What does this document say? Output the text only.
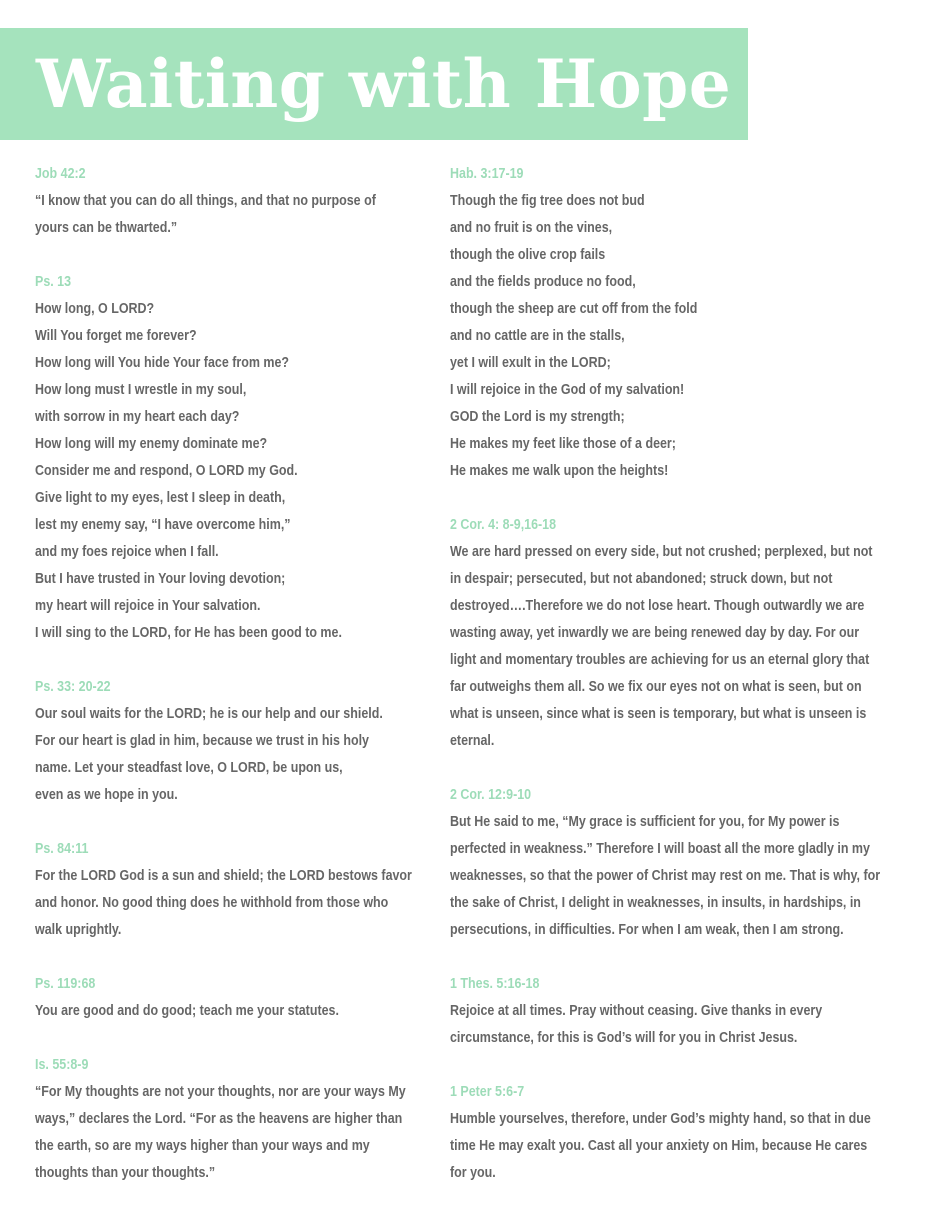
Waiting with Hope
Job 42:2
“I know that you can do all things, and that no purpose of
yours can be thwarted.”
Ps. 13
How long, O LORD?
Will You forget me forever?
How long will You hide Your face from me?
How long must I wrestle in my soul,
with sorrow in my heart each day?
How long will my enemy dominate me?
Consider me and respond, O LORD my God.
Give light to my eyes, lest I sleep in death,
lest my enemy say, “I have overcome him,”
and my foes rejoice when I fall.
But I have trusted in Your loving devotion;
my heart will rejoice in Your salvation.
I will sing to the LORD, for He has been good to me.
Ps. 33: 20-22
Our soul waits for the LORD; he is our help and our shield.
For our heart is glad in him, because we trust in his holy
name. Let your steadfast love, O LORD, be upon us,
even as we hope in you.
Ps. 84:11
For the LORD God is a sun and shield; the LORD bestows favor
and honor. No good thing does he withhold from those who
walk uprightly.
Ps. 119:68
You are good and do good; teach me your statutes.
Is. 55:8-9
“For My thoughts are not your thoughts, nor are your ways My
ways,” declares the Lord. “For as the heavens are higher than
the earth, so are my ways higher than your ways and my
thoughts than your thoughts.”
Hab. 3:17-19
Though the fig tree does not bud
and no fruit is on the vines,
though the olive crop fails
and the fields produce no food,
though the sheep are cut off from the fold
and no cattle are in the stalls,
yet I will exult in the LORD;
I will rejoice in the God of my salvation!
GOD the Lord is my strength;
He makes my feet like those of a deer;
He makes me walk upon the heights!
2 Cor. 4: 8-9,16-18
We are hard pressed on every side, but not crushed; perplexed, but not
in despair; persecuted, but not abandoned; struck down, but not
destroyed….Therefore we do not lose heart. Though outwardly we are
wasting away, yet inwardly we are being renewed day by day. For our
light and momentary troubles are achieving for us an eternal glory that
far outweighs them all. So we fix our eyes not on what is seen, but on
what is unseen, since what is seen is temporary, but what is unseen is
eternal.
2 Cor. 12:9-10
But He said to me, “My grace is sufficient for you, for My power is
perfected in weakness.” Therefore I will boast all the more gladly in my
weaknesses, so that the power of Christ may rest on me. That is why, for
the sake of Christ, I delight in weaknesses, in insults, in hardships, in
persecutions, in difficulties. For when I am weak, then I am strong.
1 Thes. 5:16-18
Rejoice at all times. Pray without ceasing. Give thanks in every
circumstance, for this is God’s will for you in Christ Jesus.
1 Peter 5:6-7
Humble yourselves, therefore, under God’s mighty hand, so that in due
time He may exalt you. Cast all your anxiety on Him, because He cares
for you.
